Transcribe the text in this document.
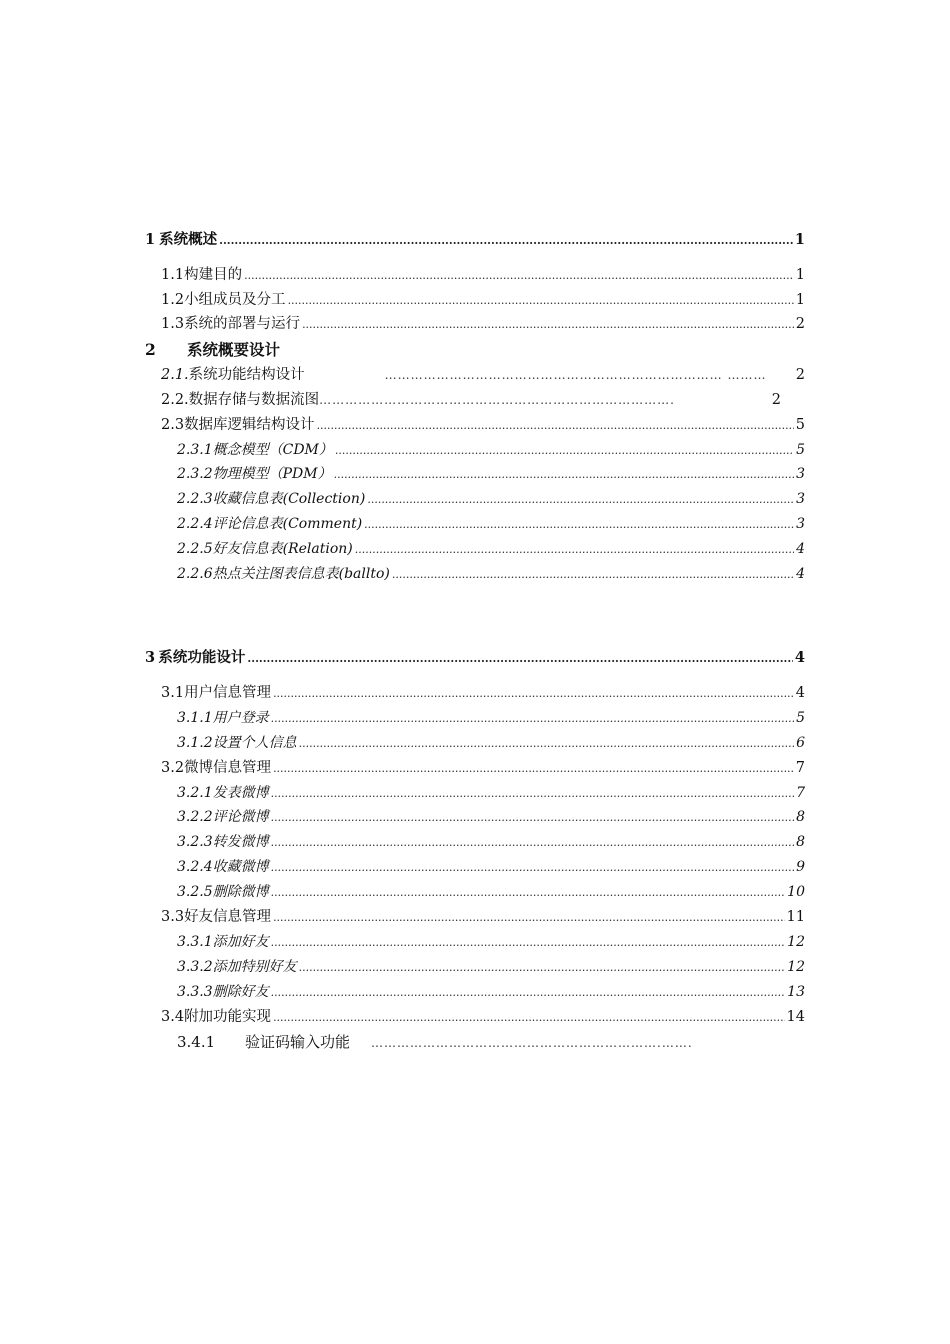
1 系统概述 .....	1
1.1 构建目的 .....	1
1.2 小组成员及分工 .....	1
1.3 系统的部署与运行 .....	2
2	系统概要设计
2.1. 系统功能结构设计	…………………………………………………………………… ………	2
2.2. 数据存储与数据流图 ……………………………………………………………………….	2
2.3 数据库逻辑结构设计 .....	5
2.3.1 概念模型（CDM） .....	5
2.3.2 物理模型（PDM） .....	3
2.2.3 收藏信息表(Collection) .....	3
2.2.4 评论信息表(Comment) .....	3
2.2.5 好友信息表(Relation) .....	4
2.2.6 热点关注图表信息表(ballto) .....	4
3 系统功能设计 .....	4
3.1 用户信息管理 .....	4
3.1.1 用户登录 .....	5
3.1.2 设置个人信息 .....	6
3.2 微博信息管理 .....	7
3.2.1 发表微博 .....	7
3.2.2 评论微博 .....	8
3.2.3 转发微博 .....	8
3.2.4 收藏微博 .....	9
3.2.5 删除微博 .....	10
3.3 好友信息管理 .....	11
3.3.1 添加好友 .....	12
3.3.2 添加特别好友 .....	12
3.3.3 删除好友 .....	13
3.4 附加功能实现 .....	14
3.4.1	验证码输入功能	………………………………………………………….…….
